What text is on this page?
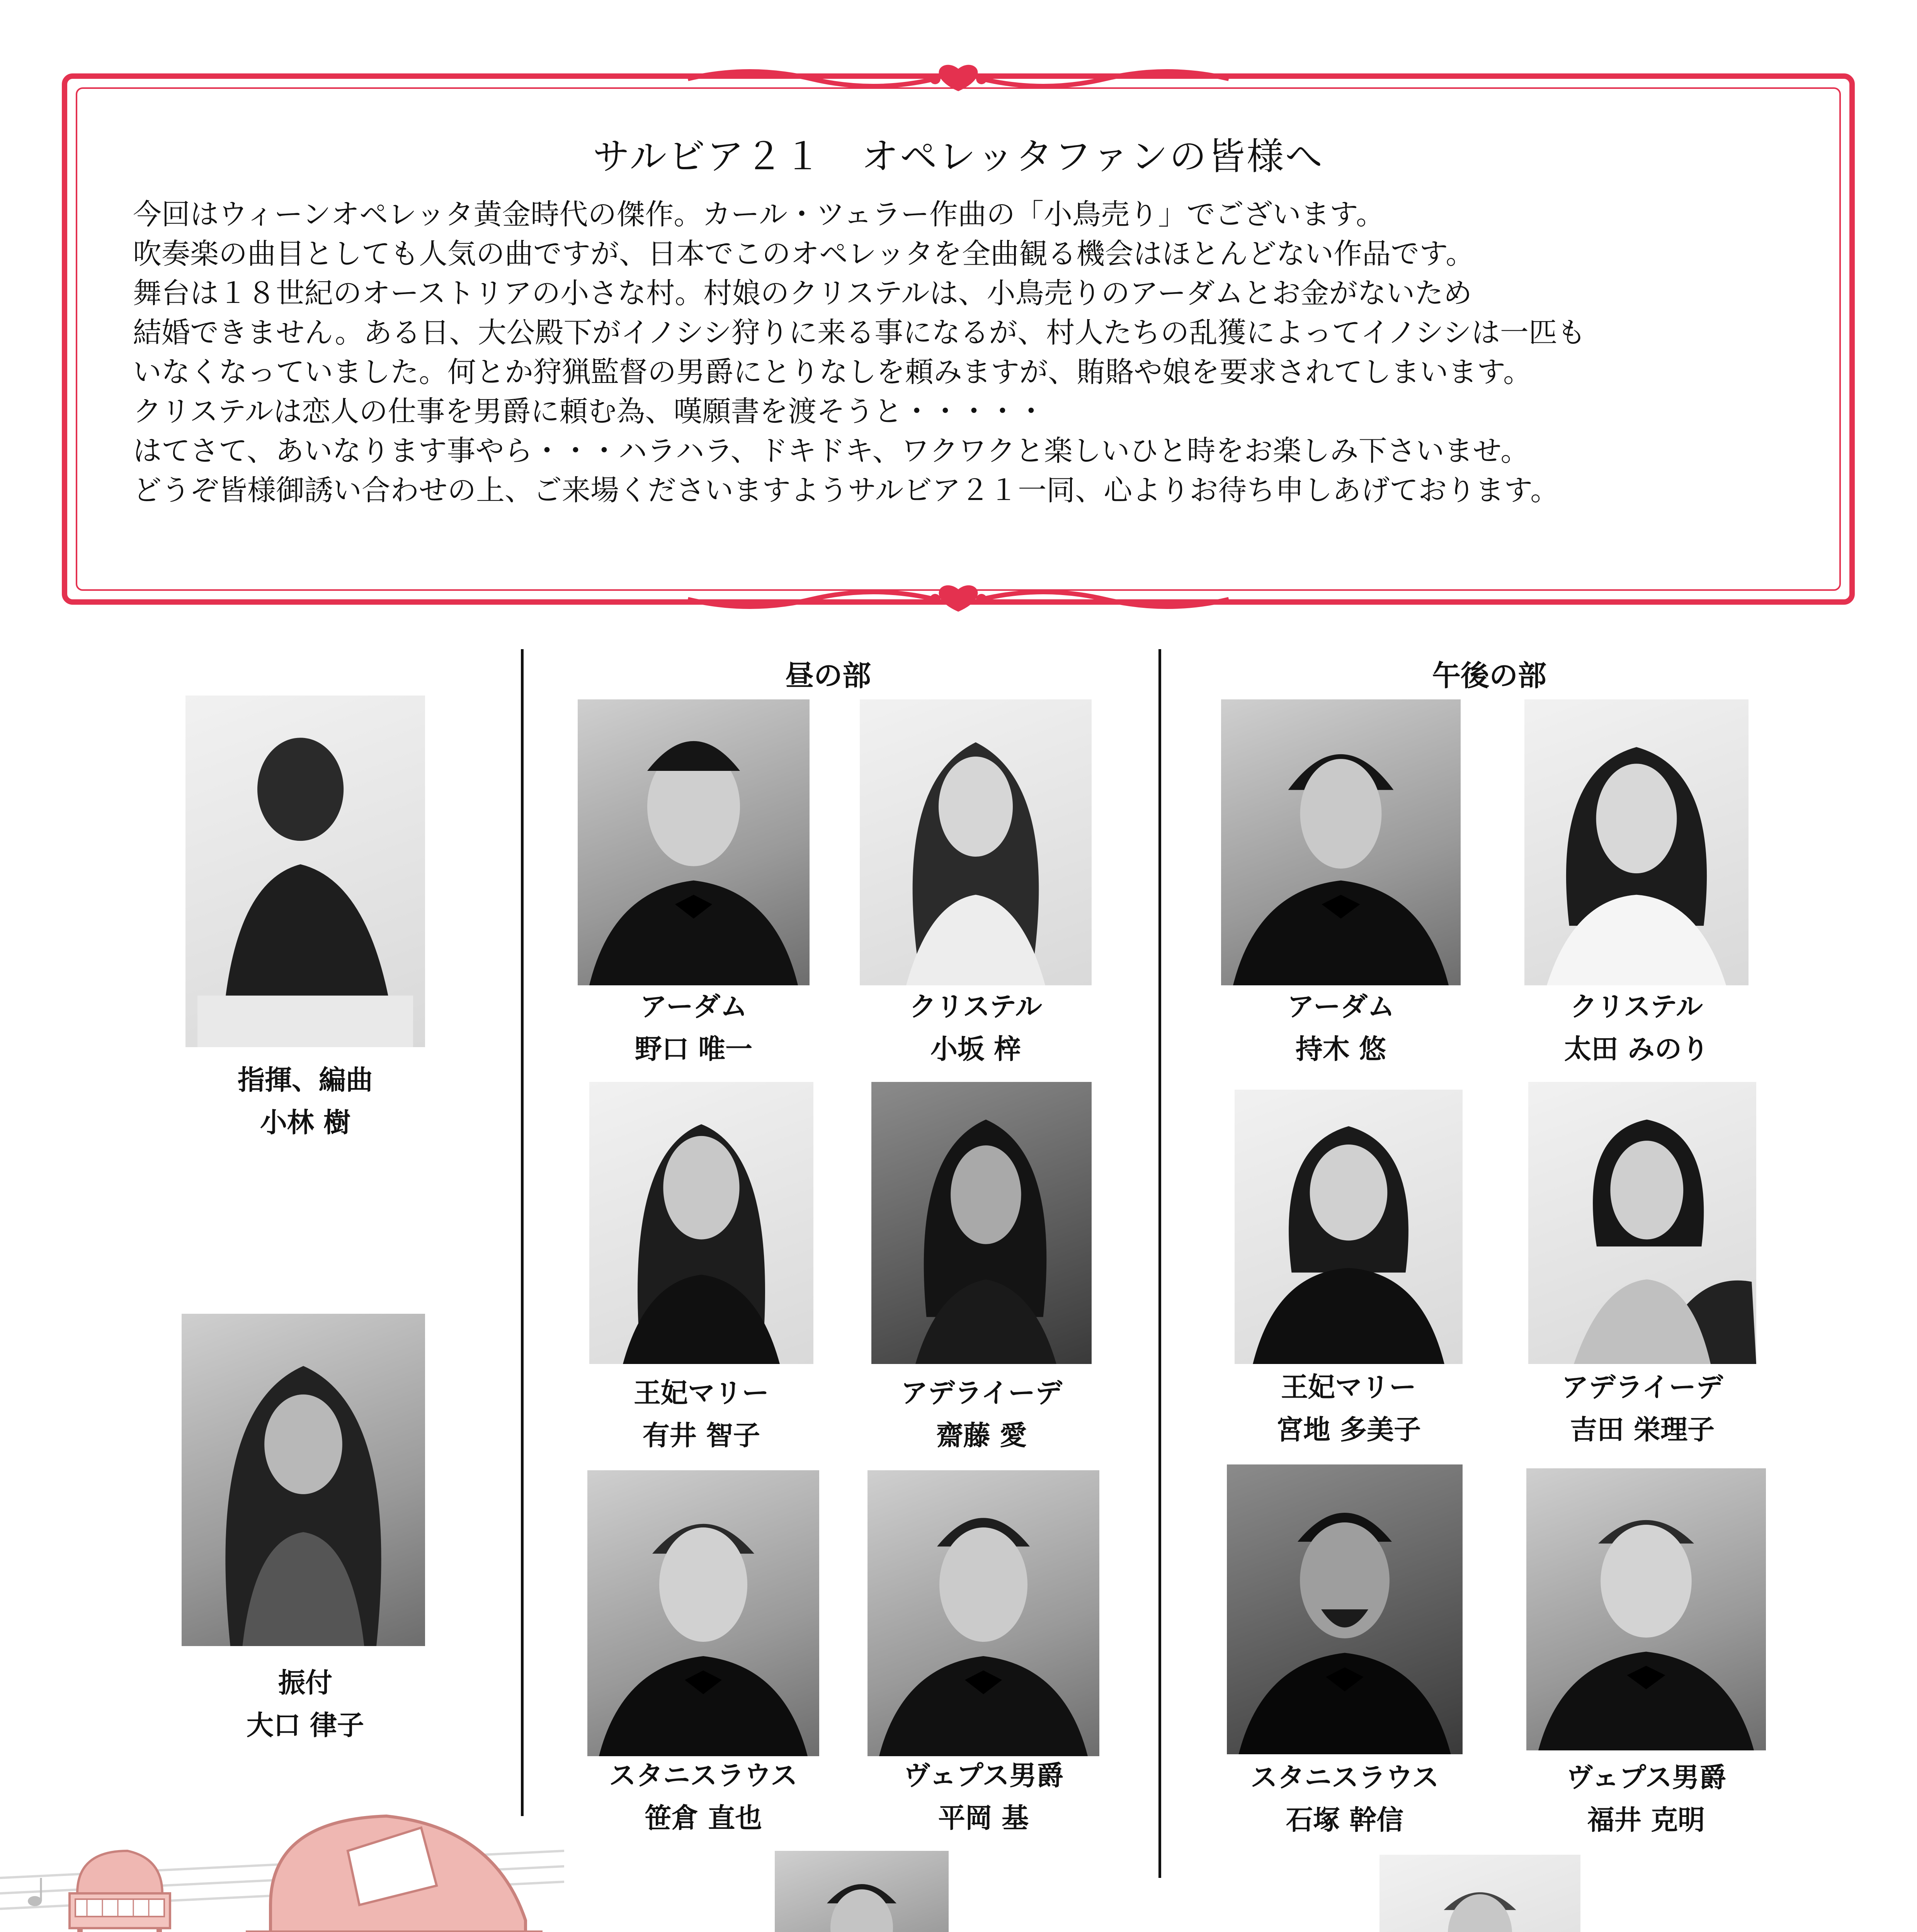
サルビア２１　オペレッタファンの皆様へ

今回はウィーンオペレッタ黄金時代の傑作。カール・ツェラー作曲の「小鳥売り」でございます。

吹奏楽の曲目としても人気の曲ですが、日本でこのオペレッタを全曲観る機会はほとんどない作品です。

舞台は１８世紀のオーストリアの小さな村。村娘のクリステルは、小鳥売りのアーダムとお金がないため

結婚できません。ある日、大公殿下がイノシシ狩りに来る事になるが、村人たちの乱獲によってイノシシは一匹も

いなくなっていました。何とか狩猟監督の男爵にとりなしを頼みますが、賄賂や娘を要求されてしまいます。

クリステルは恋人の仕事を男爵に頼む為、嘆願書を渡そうと・・・・・

はてさて、あいなります事やら・・・ハラハラ、ドキドキ、ワクワクと楽しいひと時をお楽しみ下さいませ。

どうぞ皆様御誘い合わせの上、ご来場くださいますようサルビア２１一同、心よりお待ち申しあげております。

昼の部	午後の部
指揮、編曲
小林 樹
振付
大口 律子
アーダム
野口 唯一
クリステル
小坂 梓
王妃マリー
有井 智子
アデライーデ
齋藤 愛
スタニスラウス
笹倉 直也
ヴェプス男爵
平岡 基
アーダム
持木 悠
クリステル
太田 みのり
王妃マリー
宮地 多美子
アデライーデ
吉田 栄理子
スタニスラウス
石塚 幹信
ヴェプス男爵
福井 克明
